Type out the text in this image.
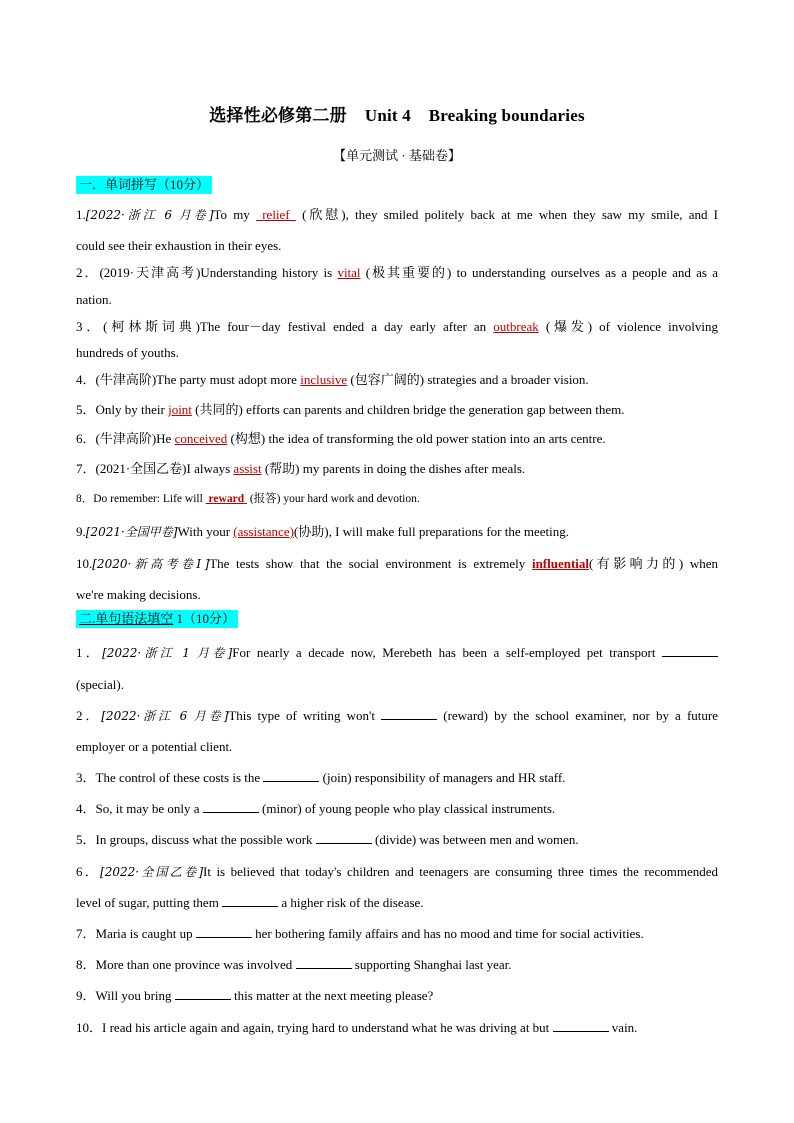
选择性必修第二册 Unit 4    Breaking boundaries
【单元测试 · 基础卷】
一．单词拼写（10分）
1.[2022·浙江 6 月卷]To my  relief  (欣慰), they smiled politely back at me when they saw my smile, and I
could see their exhaustion in their eyes.
2．(2019·天津高考)Understanding history is vital (极其重要的) to understanding ourselves as a people and as a
nation.
3．(柯林斯词典)The four－day festival ended a day early after an outbreak (爆发) of violence involving
hundreds of youths.
4．(牛津高阶)The party must adopt more inclusive (包容广阔的) strategies and a broader vision.
5．Only by their joint (共同的) efforts can parents and children bridge the generation gap between them.
6．(牛津高阶)He conceived (构想) the idea of transforming the old power station into an arts centre.
7．(2021·全国乙卷)I always assist (帮助) my parents in doing the dishes after meals.
8．Do remember: Life will  reward  (报答) your hard work and devotion.
9.[2021·全国甲卷]With your (assistance)(协助), I will make full preparations for the meeting.
10.[2020·新高考卷Ⅰ]The tests show that the social environment is extremely influential(有影响力的) when
we're making decisions.
二.单句语法填空 1（10分）
1．[2022·浙江 1 月卷]For nearly a decade now, Merebeth has been a self-employed pet transport
(special).
2．[2022·浙江 6 月卷]This type of writing won't	(reward) by the school examiner, nor by a future
employer or a potential client.
3．The control of these costs is the	(join) responsibility of managers and HR staff.
4．So, it may be only a	(minor) of young people who play classical instruments.
5．In groups, discuss what the possible work	(divide) was between men and women.
6．[2022·全国乙卷]It is believed that today's children and teenagers are consuming three times the recommended
level of sugar, putting them	a higher risk of the disease.
7．Maria is caught up	her bothering family affairs and has no mood and time for social activities.
8．More than one province was involved	supporting Shanghai last year.
9．Will you bring	this matter at the next meeting please?
10．I read his article again and again, trying hard to understand what he was driving at but	vain.
